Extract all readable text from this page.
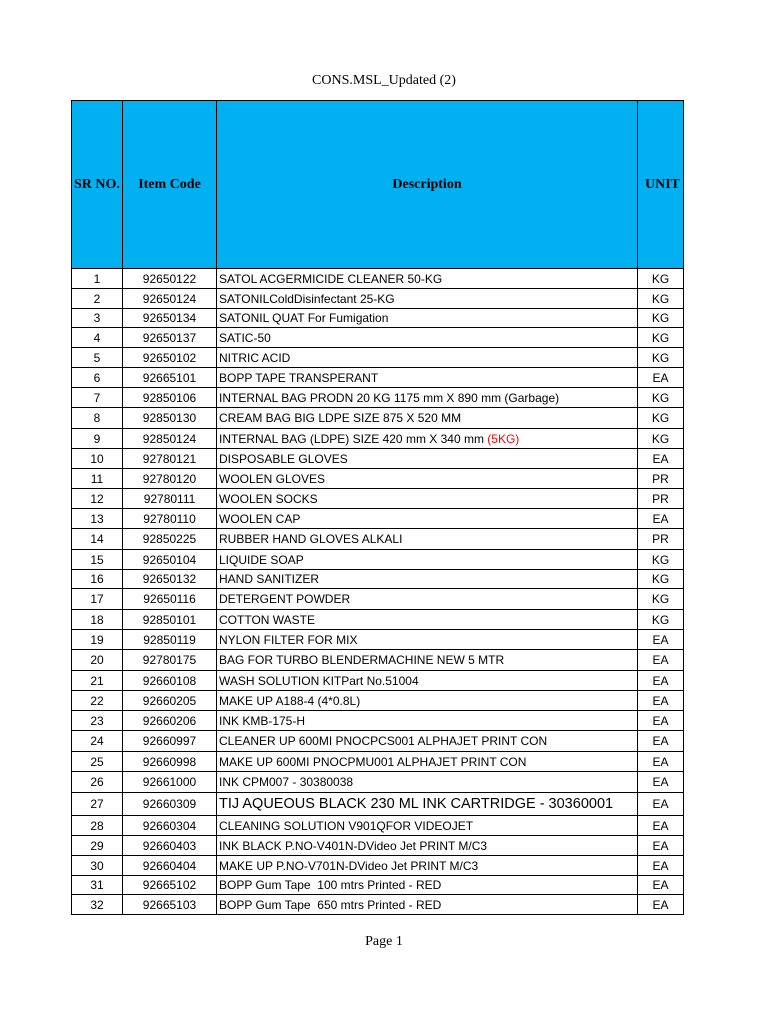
CONS.MSL_Updated (2)
SR NO.	Item Code	Description	UNIT
1	92650122	SATOL ACGERMICIDE CLEANER 50-KG	KG
2	92650124	SATONILColdDisinfectant 25-KG	KG
3	92650134	SATONIL QUAT For Fumigation	KG
4	92650137	SATIC-50	KG
5	92650102	NITRIC ACID	KG
6	92665101	BOPP TAPE TRANSPERANT	EA
7	92850106	INTERNAL BAG PRODN 20 KG 1175 mm X 890 mm (Garbage)	KG
8	92850130	CREAM BAG BIG LDPE SIZE 875 X 520 MM	KG
9	92850124	INTERNAL BAG (LDPE) SIZE 420 mm X 340 mm (5KG)	KG
10	92780121	DISPOSABLE GLOVES	EA
11	92780120	WOOLEN GLOVES	PR
12	92780111	WOOLEN SOCKS	PR
13	92780110	WOOLEN CAP	EA
14	92850225	RUBBER HAND GLOVES ALKALI	PR
15	92650104	LIQUIDE SOAP	KG
16	92650132	HAND SANITIZER	KG
17	92650116	DETERGENT POWDER	KG
18	92850101	COTTON WASTE	KG
19	92850119	NYLON FILTER FOR MIX	EA
20	92780175	BAG FOR TURBO BLENDERMACHINE NEW 5 MTR	EA
21	92660108	WASH SOLUTION KITPart No.51004	EA
22	92660205	MAKE UP A188-4 (4*0.8L)	EA
23	92660206	INK KMB-175-H	EA
24	92660997	CLEANER UP 600MI PNOCPCS001 ALPHAJET PRINT CON	EA
25	92660998	MAKE UP 600MI PNOCPMU001 ALPHAJET PRINT CON	EA
26	92661000	INK CPM007 - 30380038	EA
27	92660309	TIJ AQUEOUS BLACK 230 ML INK CARTRIDGE - 30360001	EA
28	92660304	CLEANING SOLUTION V901QFOR VIDEOJET	EA
29	92660403	INK BLACK P.NO-V401N-DVideo Jet PRINT M/C3	EA
30	92660404	MAKE UP P.NO-V701N-DVideo Jet PRINT M/C3	EA
31	92665102	BOPP Gum Tape  100 mtrs Printed - RED	EA
32	92665103	BOPP Gum Tape  650 mtrs Printed - RED	EA
Page 1
